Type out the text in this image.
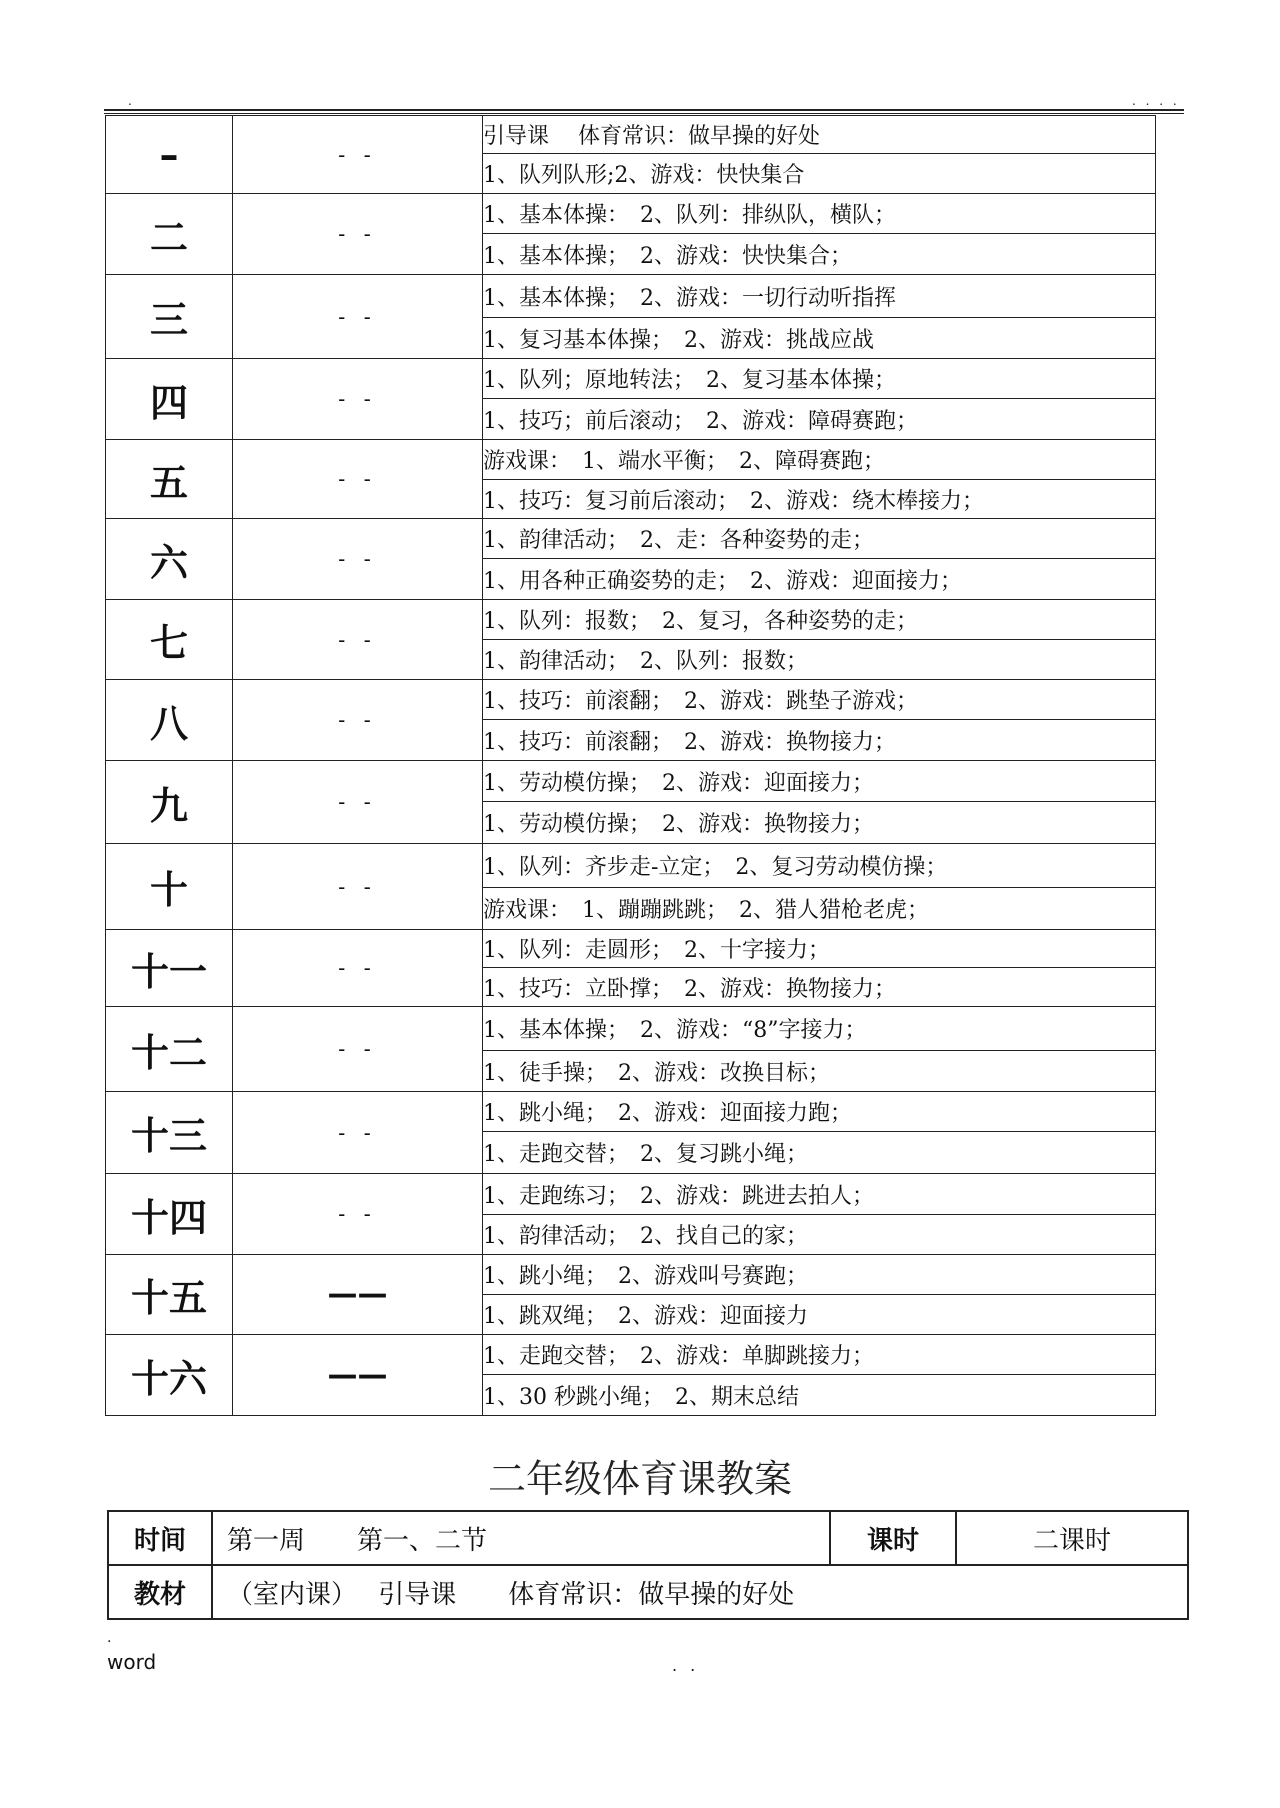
.	. . . .
–	- -	引导课　 体育常识：做早操的好处
		1、队列队形;2、游戏：快快集合
二	- -	1、基本体操：　2、队列：排纵队，横队；
		1、基本体操；　2、游戏：快快集合；
三	- -	1、基本体操；　2、游戏：一切行动听指挥
		1、复习基本体操；　2、游戏：挑战应战
四	- -	1、队列；原地转法；　2、复习基本体操；
		1、技巧；前后滚动；　2、游戏：障碍赛跑；
五	- -	游戏课：　1、端水平衡；　2、障碍赛跑；
		1、技巧：复习前后滚动；　2、游戏：绕木棒接力；
六	- -	1、韵律活动；　2、走：各种姿势的走；
		1、用各种正确姿势的走；　2、游戏：迎面接力；
七	- -	1、队列：报数；　2、复习，各种姿势的走；
		1、韵律活动；　2、队列：报数；
八	- -	1、技巧：前滚翻；　2、游戏：跳垫子游戏；
		1、技巧：前滚翻；　2、游戏：换物接力；
九	- -	1、劳动模仿操；　2、游戏：迎面接力；
		1、劳动模仿操；　2、游戏：换物接力；
十	- -	1、队列：齐步走-立定；　2、复习劳动模仿操；
		游戏课：　1、蹦蹦跳跳；　2、猎人猎枪老虎；
十一	- -	1、队列：走圆形；　2、十字接力；
		1、技巧：立卧撑；　2、游戏：换物接力；
十二	- -	1、基本体操；　2、游戏：“8”字接力；
		1、徒手操；　2、游戏：改换目标；
十三	- -	1、跳小绳；　2、游戏：迎面接力跑；
		1、走跑交替；　2、复习跳小绳；
十四	- -	1、走跑练习；　2、游戏：跳进去拍人；
		1、韵律活动；　2、找自己的家；
十五	——	1、跳小绳；　2、游戏叫号赛跑；
		1、跳双绳；　2、游戏：迎面接力
十六	——	1、走跑交替；　2、游戏：单脚跳接力；
		1、30 秒跳小绳；　2、期末总结
二年级体育课教案
时间	第一周　　第一、二节	课时	二课时
教材	（室内课）　 引导课　　体育常识：做早操的好处		
.
word	. .
